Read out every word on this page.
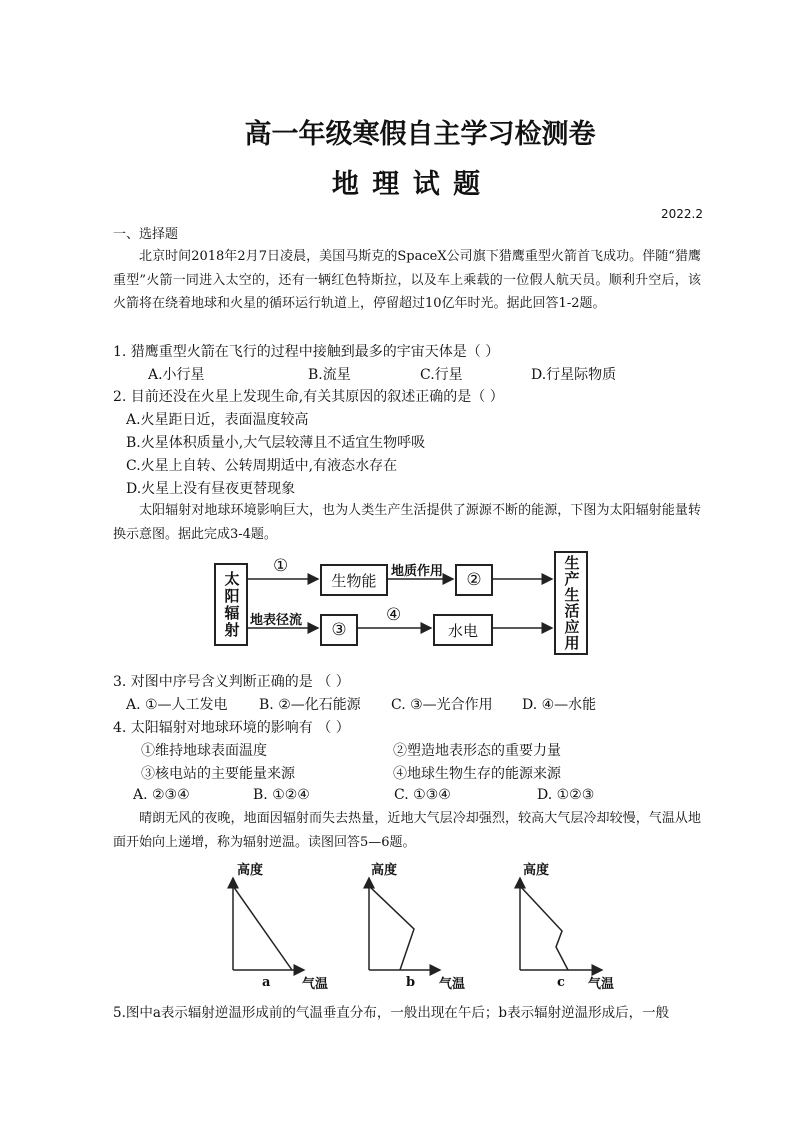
高一年级寒假自主学习检测卷
地 理 试 题
2022.2
一、选择题
北京时间2018年2月7日凌晨，美国马斯克的SpaceX公司旗下猎鹰重型火箭首飞成功。伴随“猎鹰重型”火箭一同进入太空的，还有一辆红色特斯拉，以及车上乘载的一位假人航天员。顺利升空后，该火箭将在绕着地球和火星的循环运行轨道上，停留超过10亿年时光。据此回答1-2题。
1. 猎鹰重型火箭在飞行的过程中接触到最多的宇宙天体是（ ）
A.小行星	B.流星	C.行星	D.行星际物质
2. 目前还没在火星上发现生命,有关其原因的叙述正确的是（ ）
A.火星距日近，表面温度较高
B.火星体积质量小,大气层较薄且不适宜生物呼吸
C.火星上自转、公转周期适中,有液态水存在
D.火星上没有昼夜更替现象
太阳辐射对地球环境影响巨大，也为人类生产生活提供了源源不断的能源，下图为太阳辐射能量转换示意图。据此完成3-4题。
太阳辐射	生物能	②
③	水电	生产生活应用
①	地质作用
地表径流	④
3. 对图中序号含义判断正确的是 （ ）
A. ①—人工发电 B. ②—化石能源 C. ③—光合作用 D. ④—水能
4. 太阳辐射对地球环境的影响有 （ ）
①维持地球表面温度	②塑造地表形态的重要力量
③核电站的主要能量来源	④地球生物生存的能源来源
A. ②③④	B. ①②④	C. ①③④	D. ①②③
晴朗无风的夜晚，地面因辐射而失去热量，近地大气层冷却强烈，较高大气层冷却较慢，气温从地面开始向上递增，称为辐射逆温。读图回答5—6题。
高度	高度	高度
气温	气温	气温
a	b	c
5.图中a表示辐射逆温形成前的气温垂直分布，一般出现在午后；b表示辐射逆温形成后，一般
